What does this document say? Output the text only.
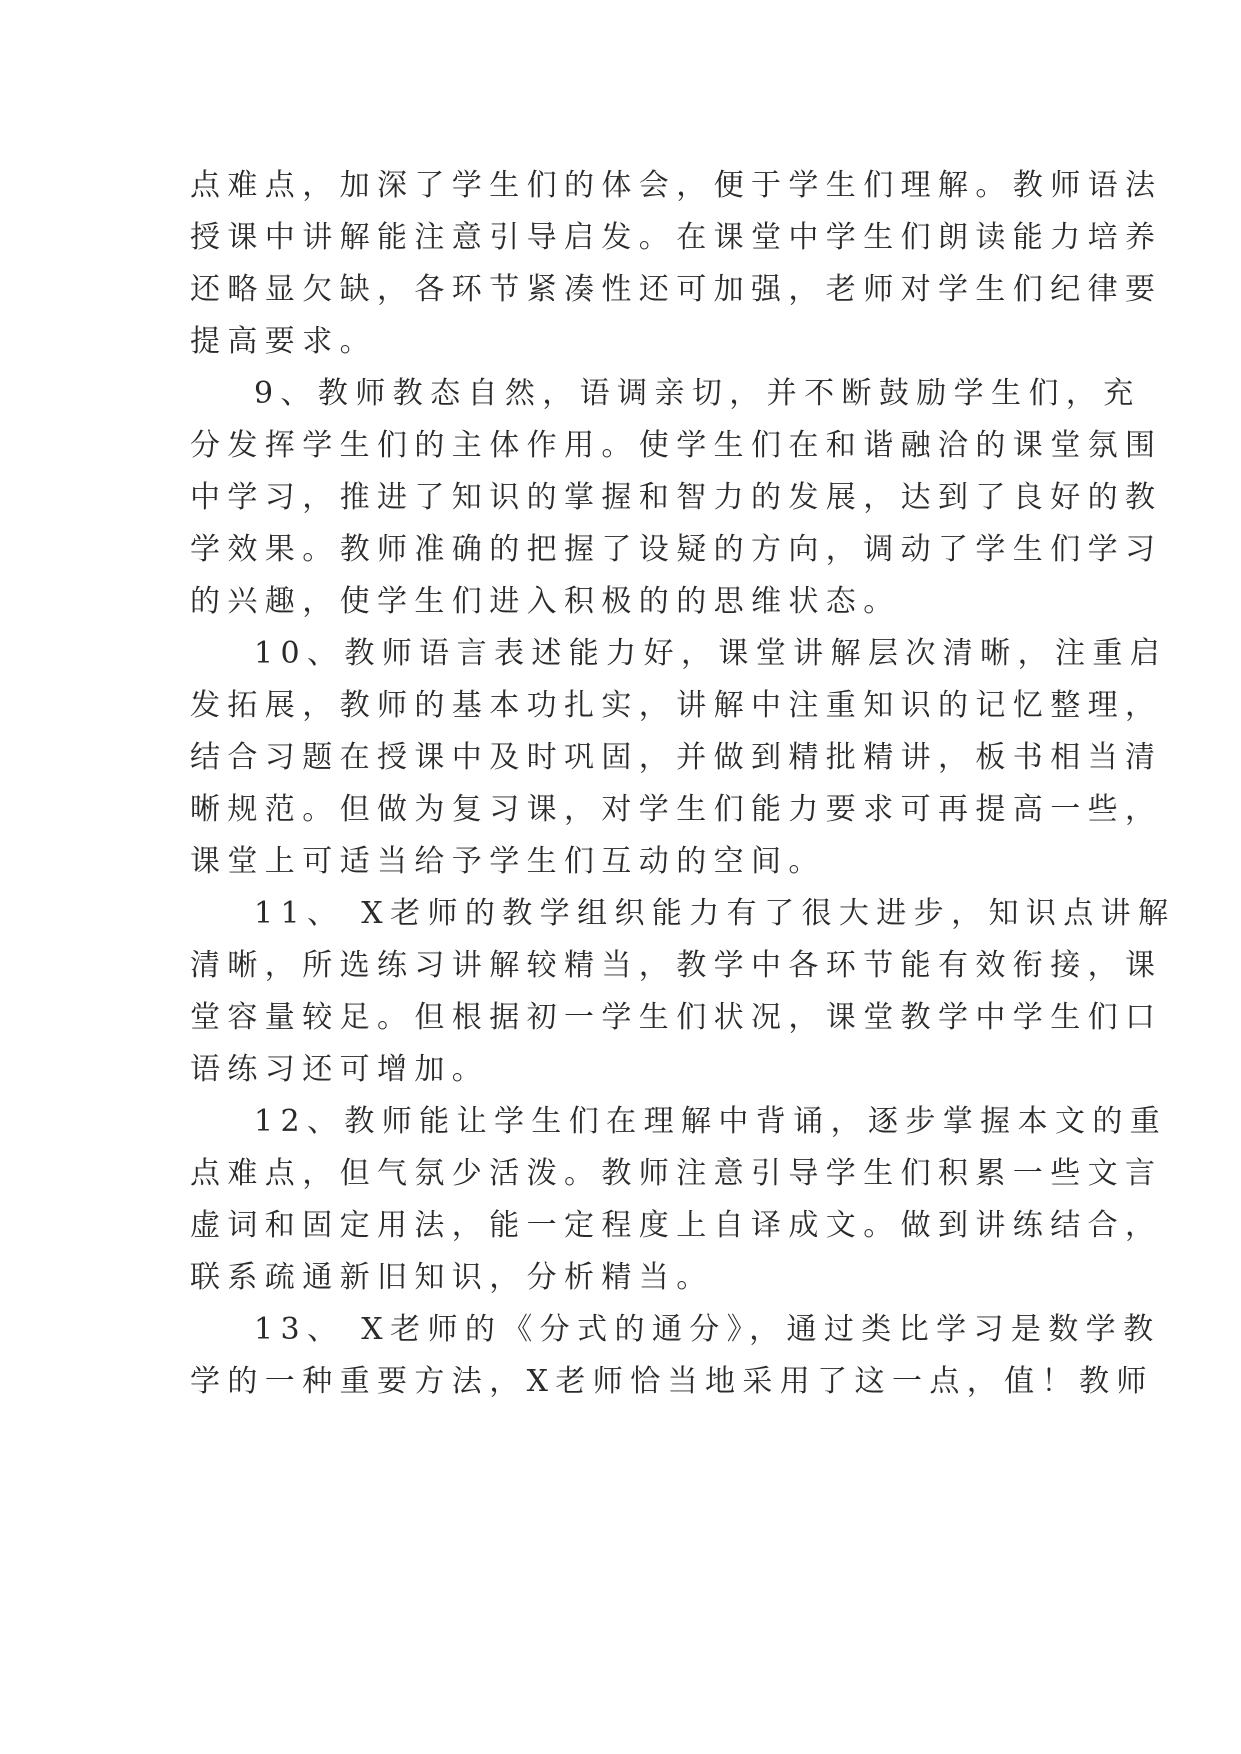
点难点，加深了学生们的体会，便于学生们理解。教师语法
授课中讲解能注意引导启发。在课堂中学生们朗读能力培养
还略显欠缺，各环节紧凑性还可加强，老师对学生们纪律要
提高要求。
9、教师教态自然，语调亲切，并不断鼓励学生们，充
分发挥学生们的主体作用。使学生们在和谐融洽的课堂氛围
中学习，推进了知识的掌握和智力的发展，达到了良好的教
学效果。教师准确的把握了设疑的方向，调动了学生们学习
的兴趣，使学生们进入积极的的思维状态。
10、教师语言表述能力好，课堂讲解层次清晰，注重启
发拓展，教师的基本功扎实，讲解中注重知识的记忆整理，
结合习题在授课中及时巩固，并做到精批精讲，板书相当清
晰规范。但做为复习课，对学生们能力要求可再提高一些，
课堂上可适当给予学生们互动的空间。
11、 X老师的教学组织能力有了很大进步，知识点讲解
清晰，所选练习讲解较精当，教学中各环节能有效衔接，课
堂容量较足。但根据初一学生们状况，课堂教学中学生们口
语练习还可增加。
12、教师能让学生们在理解中背诵，逐步掌握本文的重
点难点，但气氛少活泼。教师注意引导学生们积累一些文言
虚词和固定用法，能一定程度上自译成文。做到讲练结合，
联系疏通新旧知识，分析精当。
13、 X老师的《分式的通分》，通过类比学习是数学教
学的一种重要方法，X老师恰当地采用了这一点，值！教师
